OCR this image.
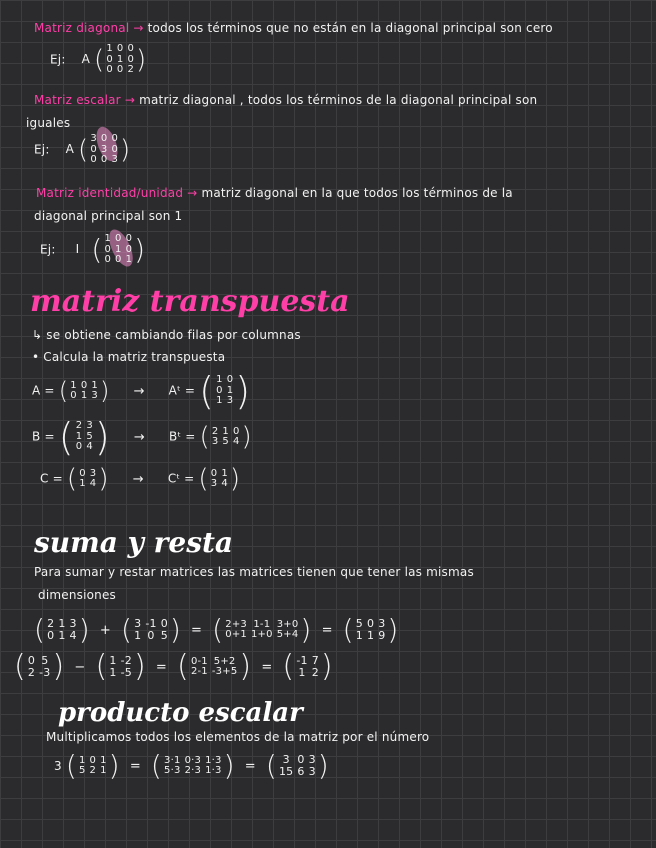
Matriz diagonal → todos los términos que no están en la diagonal principal son cero
Ej: A ( 1 0 0
0 1 0
0 0 2 )
Matriz escalar → matriz diagonal , todos los términos de la diagonal principal son
iguales
Ej: A ( 3 0 0
0 3 0
0 0 3 )
Matriz identidad/unidad → matriz diagonal en la que todos los términos de la
diagonal principal son 1
Ej: I ( 1 0 0
0 1 0
0 0 1 )
matriz transpuesta
↳ se obtiene cambiando filas por columnas
• Calcula la matriz transpuesta
A = ( 1 0 1
0 1 3 ) → Aᵗ = ( 1 0
0 1
1 3 )
B = ( 2 3
1 5
0 4 ) → Bᵗ = ( 2 1 0
3 5 4 )
C = ( 0 3
1 4 ) → Cᵗ = ( 0 1
3 4 )
suma y resta
Para sumar y restar matrices las matrices tienen que tener las mismas
dimensiones
( 2 1 3
0 1 4 ) + ( 3 -1 0
1 0 5 ) = ( 2+3 1-1 3+0
0+1 1+0 5+4 ) = ( 5 0 3
1 1 9 )
( 0 5
2 -3 ) − ( 1 -2
1 -5 ) = ( 0-1 5+2
2-1 -3+5 ) = ( -1 7
1 2 )
producto escalar
Multiplicamos todos los elementos de la matriz por el número
3 ( 1 0 1
5 2 1 ) = ( 3·1 0·3 1·3
5·3 2·3 1·3 ) = ( 3 0 3
15 6 3 )
